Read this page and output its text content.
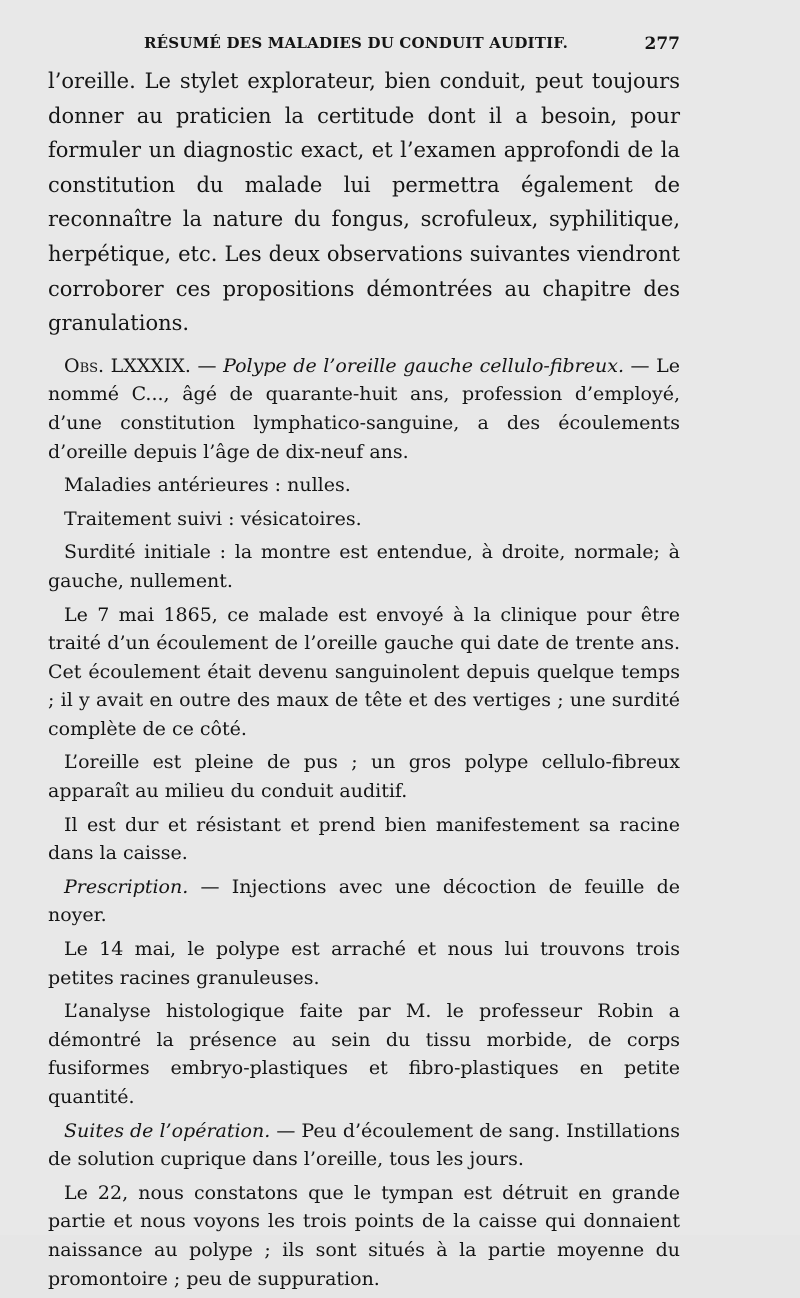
RÉSUMÉ DES MALADIES DU CONDUIT AUDITIF.	277

l’oreille. Le stylet explorateur, bien conduit, peut toujours donner au praticien la certitude dont il a besoin, pour formuler un diagnostic exact, et l’examen approfondi de la constitution du malade lui permettra également de reconnaître la nature du fongus, scrofuleux, syphilitique, herpétique, etc. Les deux observations suivantes viendront corroborer ces propositions démontrées au chapitre des granulations.

Obs. LXXXIX. — Polype de l’oreille gauche cellulo-fibreux. — Le nommé C..., âgé de quarante-huit ans, profession d’employé, d’une constitution lymphatico-sanguine, a des écoulements d’oreille depuis l’âge de dix-neuf ans.

Maladies antérieures : nulles.

Traitement suivi : vésicatoires.

Surdité initiale : la montre est entendue, à droite, normale; à gauche, nullement.

Le 7 mai 1865, ce malade est envoyé à la clinique pour être traité d’un écoulement de l’oreille gauche qui date de trente ans. Cet écoulement était devenu sanguinolent depuis quelque temps ; il y avait en outre des maux de tête et des vertiges ; une surdité complète de ce côté.

L’oreille est pleine de pus ; un gros polype cellulo-fibreux apparaît au milieu du conduit auditif.

Il est dur et résistant et prend bien manifestement sa racine dans la caisse.

Prescription. — Injections avec une décoction de feuille de noyer.

Le 14 mai, le polype est arraché et nous lui trouvons trois petites racines granuleuses.

L’analyse histologique faite par M. le professeur Robin a démontré la présence au sein du tissu morbide, de corps fusiformes embryo-plastiques et fibro-plastiques en petite quantité.

Suites de l’opération. — Peu d’écoulement de sang. Instillations de solution cuprique dans l’oreille, tous les jours.

Le 22, nous constatons que le tympan est détruit en grande partie et nous voyons les trois points de la caisse qui donnaient naissance au polype ; ils sont situés à la partie moyenne du promontoire ; peu de suppuration.
